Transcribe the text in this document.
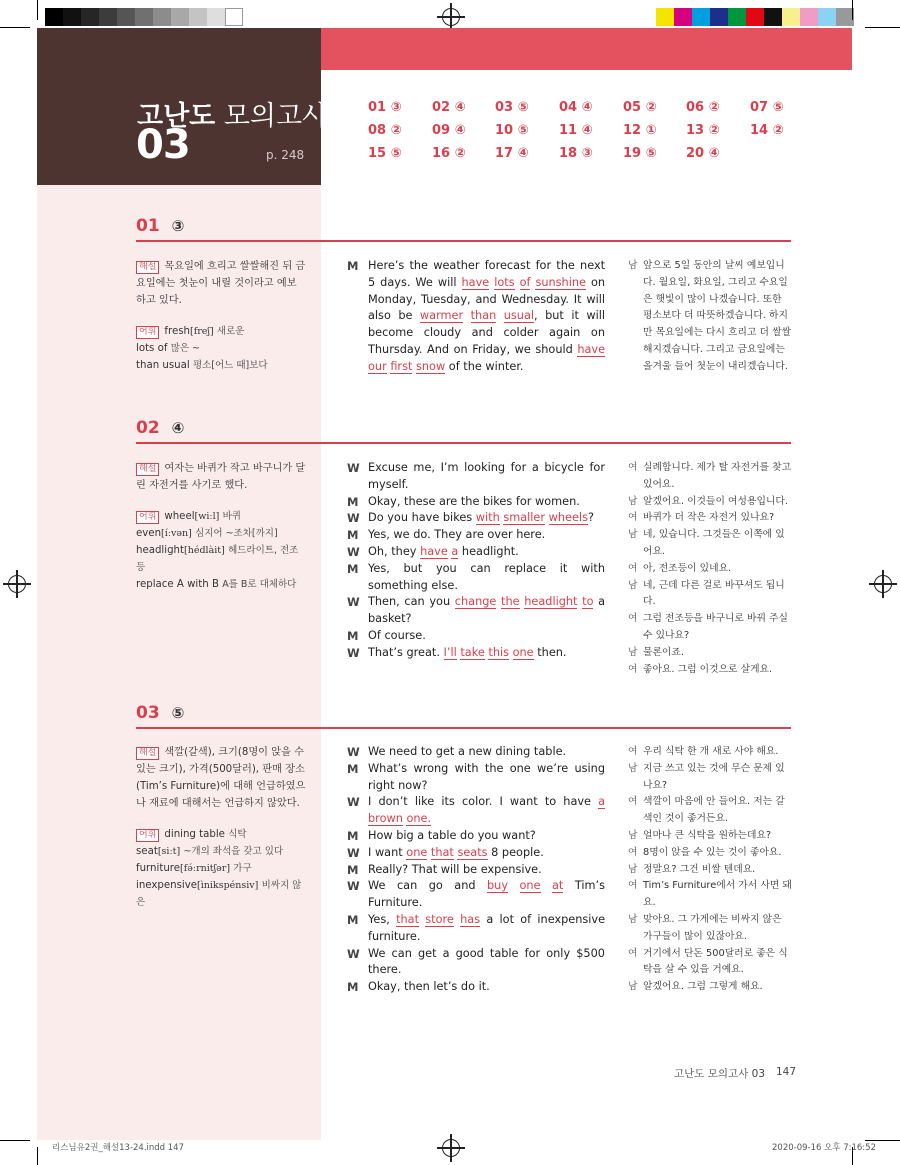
고난도 모의고사
03	p. 248
01 ③ 02 ④ 03 ⑤ 04 ④ 05 ② 06 ② 07 ⑤
08 ② 09 ④ 10 ⑤ 11 ④ 12 ① 13 ② 14 ②
15 ⑤ 16 ② 17 ④ 18 ③ 19 ⑤ 20 ④
01 ③
해설 목요일에 흐리고 쌀쌀해진 뒤 금요일에는 첫눈이 내릴 것이라고 예보하고 있다.
어휘 fresh[freʃ] 새로운
lots of 많은 ~
than usual 평소[어느 때]보다
M Here’s the weather forecast for the next 5 days. We will have lots of sunshine on Monday, Tuesday, and Wednesday. It will also be warmer than usual, but it will become cloudy and colder again on Thursday. And on Friday, we should have our first snow of the winter.
남 앞으로 5일 동안의 날씨 예보입니다. 월요일, 화요일, 그리고 수요일은 햇빛이 많이 나겠습니다. 또한 평소보다 더 따뜻하겠습니다. 하지만 목요일에는 다시 흐리고 더 쌀쌀해지겠습니다. 그리고 금요일에는 올겨울 들어 첫눈이 내리겠습니다.
02 ④
해설 여자는 바퀴가 작고 바구니가 달린 자전거를 사기로 했다.
어휘 wheel[wiːl] 바퀴
even[íːvən] 심지어 ~조차[까지]
headlight[hédlàit] 헤드라이트, 전조등
replace A with B A를 B로 대체하다
W Excuse me, I’m looking for a bicycle for myself.
M Okay, these are the bikes for women.
W Do you have bikes with smaller wheels?
M Yes, we do. They are over here.
W Oh, they have a headlight.
M Yes, but you can replace it with something else.
W Then, can you change the headlight to a basket?
M Of course.
W That’s great. I’ll take this one then.
여 실례합니다. 제가 탈 자전거를 찾고 있어요.
남 알겠어요. 이것들이 여성용입니다.
여 바퀴가 더 작은 자전거 있나요?
남 네, 있습니다. 그것들은 이쪽에 있어요.
여 아, 전조등이 있네요.
남 네, 근데 다른 걸로 바꾸셔도 됩니다.
여 그럼 전조등을 바구니로 바꿔 주실 수 있나요?
남 물론이죠.
여 좋아요. 그럼 이것으로 살게요.
03 ⑤
해설 색깔(갈색), 크기(8명이 앉을 수 있는 크기), 가격(500달러), 판매 장소(Tim’s Furniture)에 대해 언급하였으나 재료에 대해서는 언급하지 않았다.
어휘 dining table 식탁
seat[siːt] ~개의 좌석을 갖고 있다
furniture[fə́ːrnitʃər] 가구
inexpensive[ìnikspénsiv] 비싸지 않은
W We need to get a new dining table.
M What’s wrong with the one we’re using right now?
W I don’t like its color. I want to have a brown one.
M How big a table do you want?
W I want one that seats 8 people.
M Really? That will be expensive.
W We can go and buy one at Tim’s Furniture.
M Yes, that store has a lot of inexpensive furniture.
W We can get a good table for only $500 there.
M Okay, then let’s do it.
여 우리 식탁 한 개 새로 사야 해요.
남 지금 쓰고 있는 것에 무슨 문제 있나요?
여 색깔이 마음에 안 들어요. 저는 갈색인 것이 좋거든요.
남 얼마나 큰 식탁을 원하는데요?
여 8명이 앉을 수 있는 것이 좋아요.
남 정말요? 그건 비쌀 텐데요.
여 Tim’s Furniture에서 가서 사면 돼요.
남 맞아요. 그 가게에는 비싸지 않은 가구들이 많이 있잖아요.
여 거기에서 단돈 500달러로 좋은 식탁을 살 수 있을 거예요.
남 알겠어요. 그럼 그렇게 해요.
고난도 모의고사 03 147
리스님유2권_해설13-24.indd 147	2020-09-16 오후 7:16:52
